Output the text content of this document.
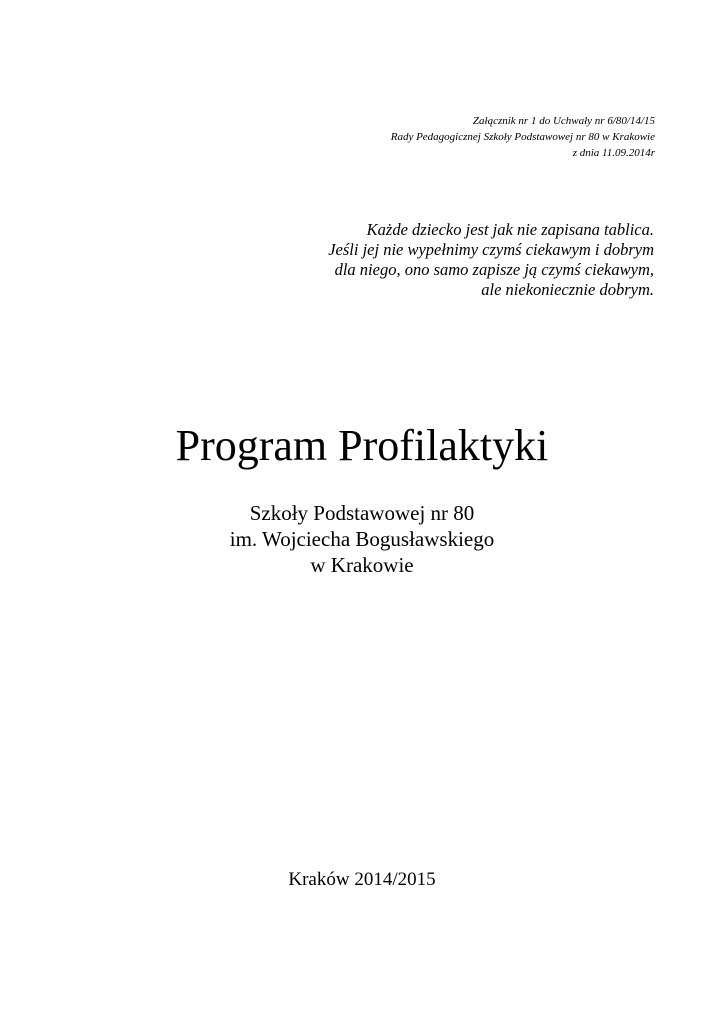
Załącznik nr 1 do Uchwały nr 6/80/14/15
Rady Pedagogicznej Szkoły Podstawowej nr 80 w Krakowie
z dnia 11.09.2014r
Każde dziecko jest jak nie zapisana tablica.
Jeśli jej nie wypełnimy czymś ciekawym i dobrym
dla niego, ono samo zapisze ją czymś ciekawym,
ale niekoniecznie dobrym.
Program Profilaktyki
Szkoły Podstawowej nr 80
im. Wojciecha Bogusławskiego
w Krakowie
Kraków 2014/2015
